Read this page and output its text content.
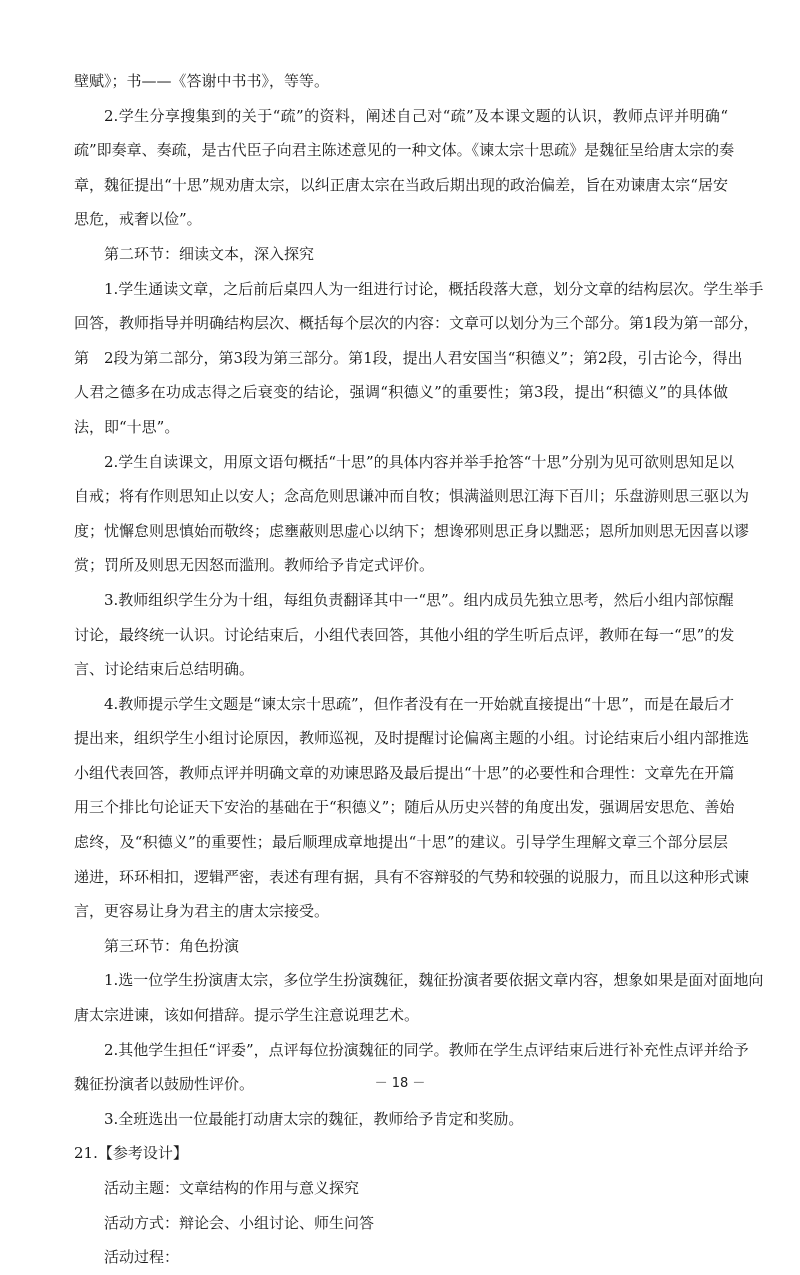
壁赋》；书——《答谢中书书》，等等。
2.学生分享搜集到的关于“疏”的资料，阐述自己对“疏”及本课文题的认识，教师点评并明确“
疏”即奏章、奏疏，是古代臣子向君主陈述意见的一种文体。《谏太宗十思疏》是魏征呈给唐太宗的奏
章，魏征提出“十思”规劝唐太宗，以纠正唐太宗在当政后期出现的政治偏差，旨在劝谏唐太宗“居安
思危，戒奢以俭”。
第二环节：细读文本，深入探究
1.学生通读文章，之后前后桌四人为一组进行讨论，概括段落大意，划分文章的结构层次。学生举手
回答，教师指导并明确结构层次、概括每个层次的内容：文章可以划分为三个部分。第1段为第一部分，
第　2段为第二部分，第3段为第三部分。第1段，提出人君安国当“积德义”；第2段，引古论今，得出
人君之德多在功成志得之后衰变的结论，强调“积德义”的重要性；第3段，提出“积德义”的具体做
法，即“十思”。
2.学生自读课文，用原文语句概括“十思”的具体内容并举手抢答“十思”分别为见可欲则思知足以
自戒；将有作则思知止以安人；念高危则思谦冲而自牧；惧满溢则思江海下百川；乐盘游则思三驱以为
度；忧懈怠则思慎始而敬终；虑壅蔽则思虚心以纳下；想谗邪则思正身以黜恶；恩所加则思无因喜以谬
赏；罚所及则思无因怒而滥刑。教师给予肯定式评价。
3.教师组织学生分为十组，每组负责翻译其中一“思”。组内成员先独立思考，然后小组内部惊醒
讨论，最终统一认识。讨论结束后，小组代表回答，其他小组的学生听后点评，教师在每一“思”的发
言、讨论结束后总结明确。
4.教师提示学生文题是“谏太宗十思疏”，但作者没有在一开始就直接提出“十思”，而是在最后才
提出来，组织学生小组讨论原因，教师巡视，及时提醒讨论偏离主题的小组。讨论结束后小组内部推选
小组代表回答，教师点评并明确文章的劝谏思路及最后提出“十思”的必要性和合理性：文章先在开篇
用三个排比句论证天下安治的基础在于“积德义”；随后从历史兴替的角度出发，强调居安思危、善始
虑终，及“积德义”的重要性；最后顺理成章地提出“十思”的建议。引导学生理解文章三个部分层层
递进，环环相扣，逻辑严密，表述有理有据，具有不容辩驳的气势和较强的说服力，而且以这种形式谏
言，更容易让身为君主的唐太宗接受。
第三环节：角色扮演
1.选一位学生扮演唐太宗，多位学生扮演魏征，魏征扮演者要依据文章内容，想象如果是面对面地向
唐太宗进谏，该如何措辞。提示学生注意说理艺术。
2.其他学生担任“评委”，点评每位扮演魏征的同学。教师在学生点评结束后进行补充性点评并给予
魏征扮演者以鼓励性评价。
3.全班选出一位最能打动唐太宗的魏征，教师给予肯定和奖励。
21.【参考设计】
活动主题：文章结构的作用与意义探究
活动方式：辩论会、小组讨论、师生问答
活动过程：
－ 18 －
